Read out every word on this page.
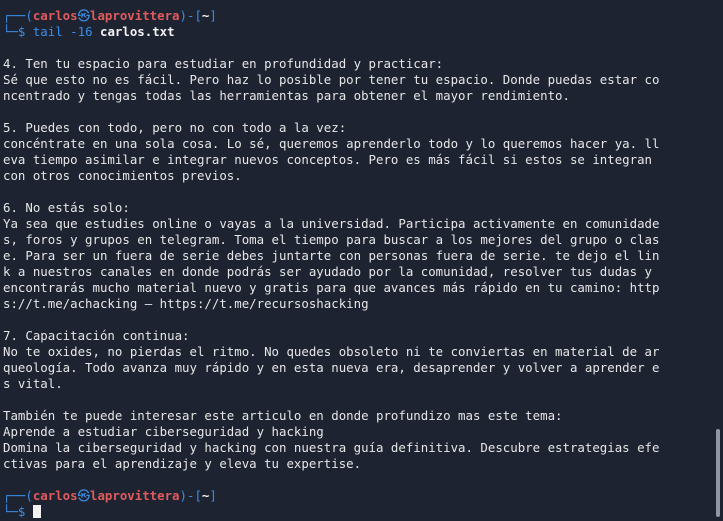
┌──(carlos㉿laprovittera)-[~]
└─$ tail -16 carlos.txt
4. Ten tu espacio para estudiar en profundidad y practicar:
Sé que esto no es fácil. Pero haz lo posible por tener tu espacio. Donde puedas estar co
ncentrado y tengas todas las herramientas para obtener el mayor rendimiento.
5. Puedes con todo, pero no con todo a la vez:
concéntrate en una sola cosa. Lo sé, queremos aprenderlo todo y lo queremos hacer ya. ll
eva tiempo asimilar e integrar nuevos conceptos. Pero es más fácil si estos se integran
con otros conocimientos previos.
6. No estás solo:
Ya sea que estudies online o vayas a la universidad. Participa activamente en comunidade
s, foros y grupos en telegram. Toma el tiempo para buscar a los mejores del grupo o clas
e. Para ser un fuera de serie debes juntarte con personas fuera de serie. te dejo el lin
k a nuestros canales en donde podrás ser ayudado por la comunidad, resolver tus dudas y
encontrarás mucho material nuevo y gratis para que avances más rápido en tu camino: http
s://t.me/achacking – https://t.me/recursoshacking
7. Capacitación continua:
No te oxides, no pierdas el ritmo. No quedes obsoleto ni te conviertas en material de ar
queología. Todo avanza muy rápido y en esta nueva era, desaprender y volver a aprender e
s vital.
También te puede interesar este articulo en donde profundizo mas este tema:
Aprende a estudiar ciberseguridad y hacking
Domina la ciberseguridad y hacking con nuestra guía definitiva. Descubre estrategias efe
ctivas para el aprendizaje y eleva tu expertise.
┌──(carlos㉿laprovittera)-[~]
└─$
